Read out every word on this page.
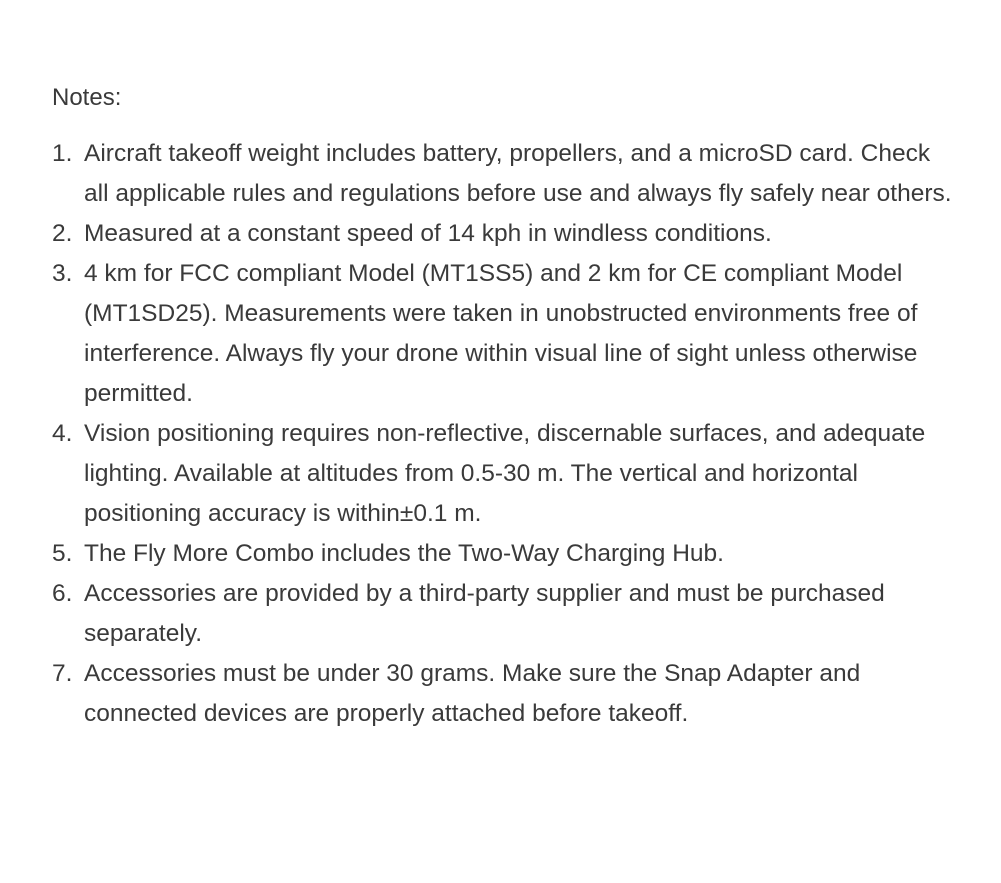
Notes:
1. Aircraft takeoff weight includes battery, propellers, and a microSD card. Check all applicable rules and regulations before use and always fly safely near others.
2. Measured at a constant speed of 14 kph in windless conditions.
3. 4 km for FCC compliant Model (MT1SS5) and 2 km for CE compliant Model (MT1SD25). Measurements were taken in unobstructed environments free of interference. Always fly your drone within visual line of sight unless otherwise permitted.
4. Vision positioning requires non-reflective, discernable surfaces, and adequate lighting. Available at altitudes from 0.5-30 m. The vertical and horizontal positioning accuracy is within±0.1 m.
5. The Fly More Combo includes the Two-Way Charging Hub.
6. Accessories are provided by a third-party supplier and must be purchased separately.
7. Accessories must be under 30 grams. Make sure the Snap Adapter and connected devices are properly attached before takeoff.
